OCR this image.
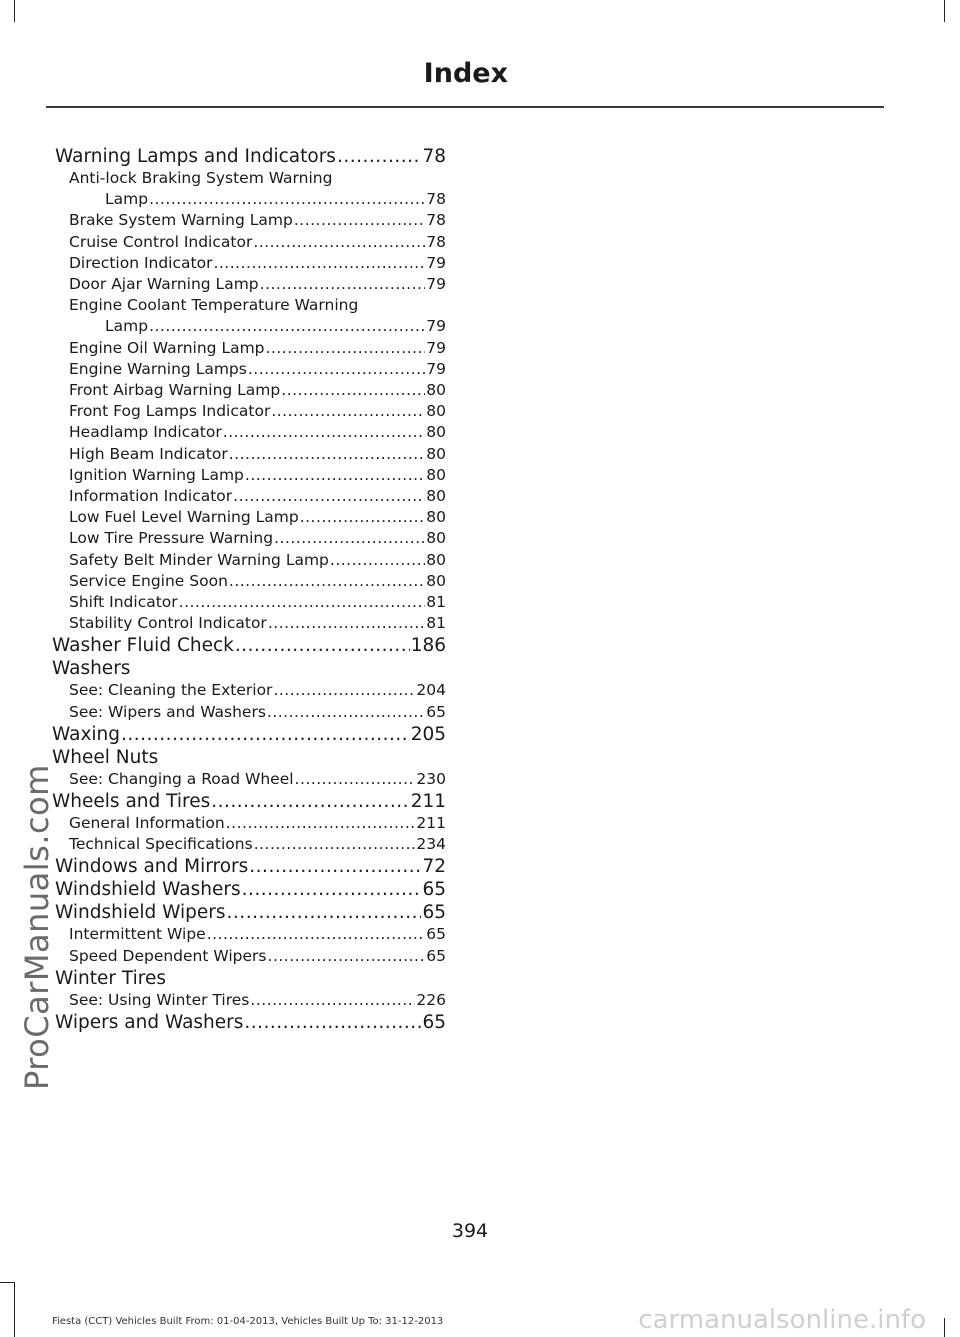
Index
ProCarManuals.com
Warning Lamps and Indicators .....	78
Anti-lock Braking System Warning
Lamp .....	78
Brake System Warning Lamp .....	78
Cruise Control Indicator .....	78
Direction Indicator .....	79
Door Ajar Warning Lamp .....	79
Engine Coolant Temperature Warning
Lamp .....	79
Engine Oil Warning Lamp .....	79
Engine Warning Lamps .....	79
Front Airbag Warning Lamp .....	80
Front Fog Lamps Indicator .....	80
Headlamp Indicator .....	80
High Beam Indicator .....	80
Ignition Warning Lamp .....	80
Information Indicator .....	80
Low Fuel Level Warning Lamp .....	80
Low Tire Pressure Warning .....	80
Safety Belt Minder Warning Lamp .....	80
Service Engine Soon .....	80
Shift Indicator .....	81
Stability Control Indicator .....	81
Washer Fluid Check .....	186
Washers
See: Cleaning the Exterior .....	204
See: Wipers and Washers .....	65
Waxing .....	205
Wheel Nuts
See: Changing a Road Wheel .....	230
Wheels and Tires .....	211
General Information .....	211
Technical Specifications .....	234
Windows and Mirrors .....	72
Windshield Washers .....	65
Windshield Wipers .....	65
Intermittent Wipe .....	65
Speed Dependent Wipers .....	65
Winter Tires
See: Using Winter Tires .....	226
Wipers and Washers .....	65
394
Fiesta (CCT) Vehicles Built From: 01-04-2013, Vehicles Built Up To: 31-12-2013	carmanualsonline.info
